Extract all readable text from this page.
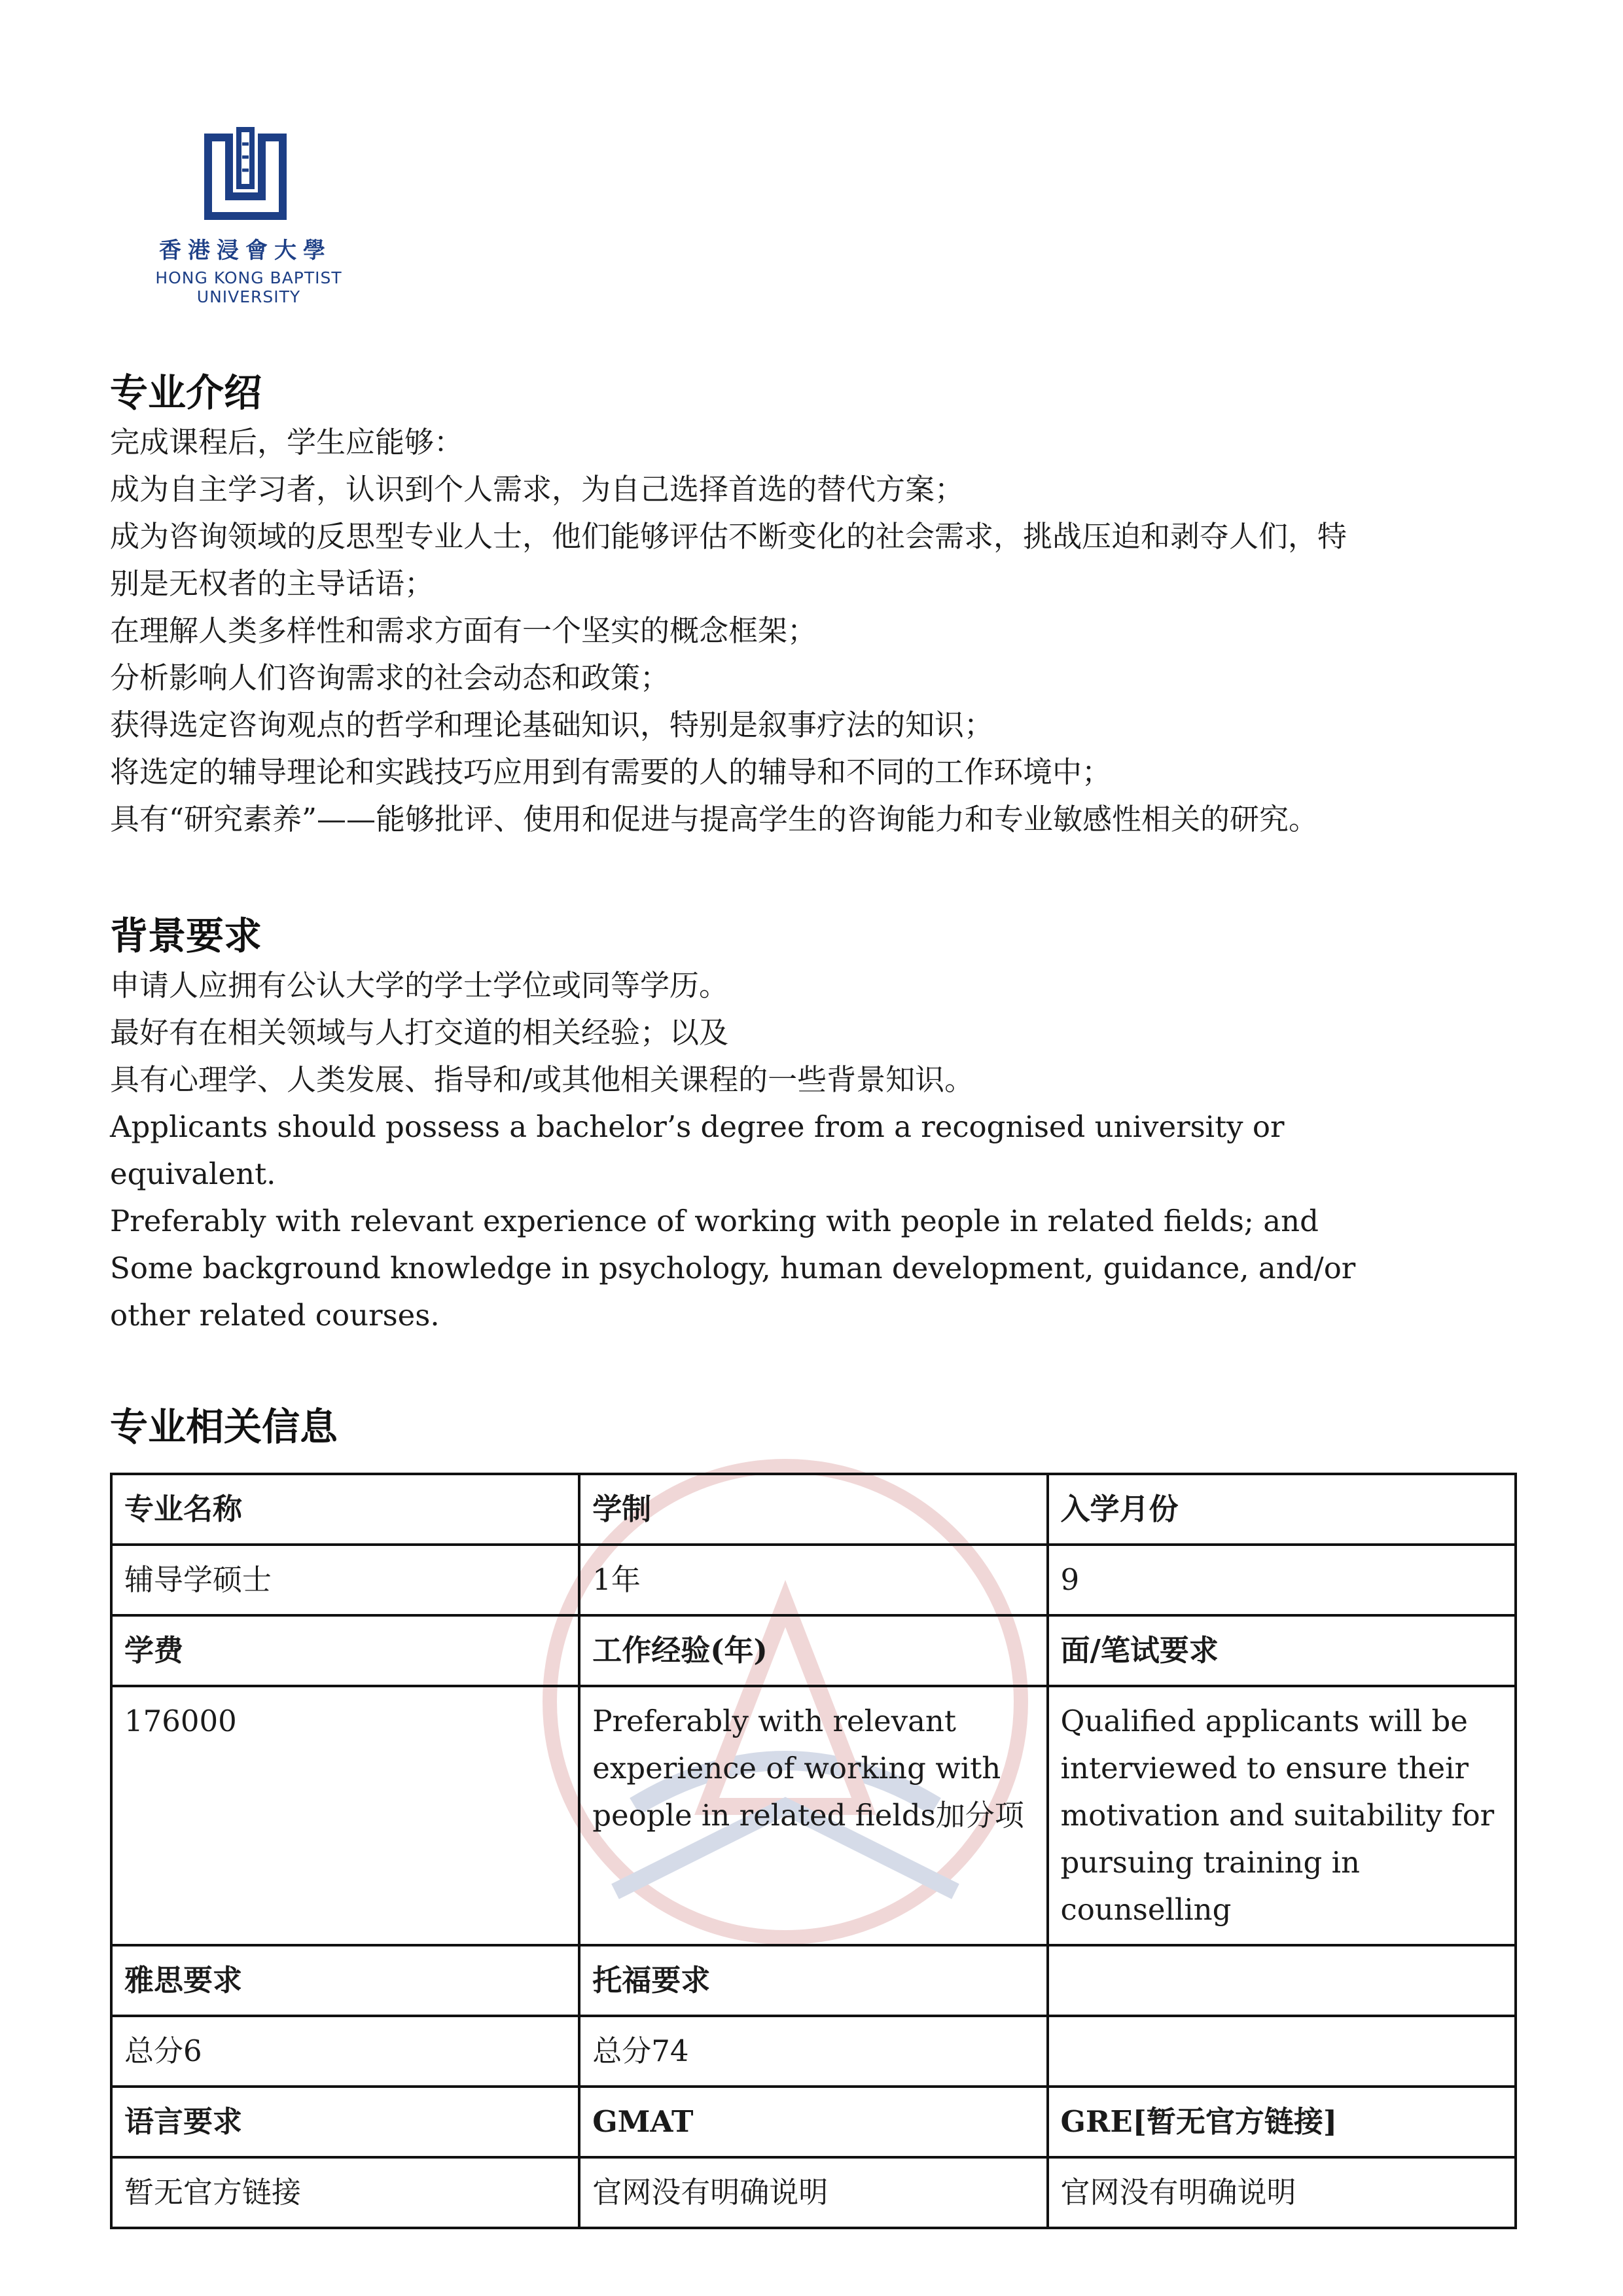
香港浸會大學
HONG KONG BAPTIST UNIVERSITY
专业介绍

完成课程后，学生应能够：

成为自主学习者，认识到个人需求，为自己选择首选的替代方案；

成为咨询领域的反思型专业人士，他们能够评估不断变化的社会需求，挑战压迫和剥夺人们，特

别是无权者的主导话语；

在理解人类多样性和需求方面有一个坚实的概念框架；

分析影响人们咨询需求的社会动态和政策；

获得选定咨询观点的哲学和理论基础知识，特别是叙事疗法的知识；

将选定的辅导理论和实践技巧应用到有需要的人的辅导和不同的工作环境中；

具有“研究素养”——能够批评、使用和促进与提高学生的咨询能力和专业敏感性相关的研究。

背景要求

申请人应拥有公认大学的学士学位或同等学历。

最好有在相关领域与人打交道的相关经验；以及

具有心理学、人类发展、指导和/或其他相关课程的一些背景知识。

Applicants should possess a bachelor’s degree from a recognised university or

equivalent.

Preferably with relevant experience of working with people in related fields; and

Some background knowledge in psychology, human development, guidance, and/or

other related courses.

专业相关信息
专业名称	学制	入学月份
辅导学硕士	1年	9
学费	工作经验(年)	面/笔试要求
176000	Preferably with relevant experience of working with people in related fields加分项	Qualified applicants will be interviewed to ensure their motivation and suitability for pursuing training in counselling
雅思要求	托福要求	
总分6	总分74	
语言要求	GMAT	GRE[暂无官方链接]
暂无官方链接	官网没有明确说明	官网没有明确说明
